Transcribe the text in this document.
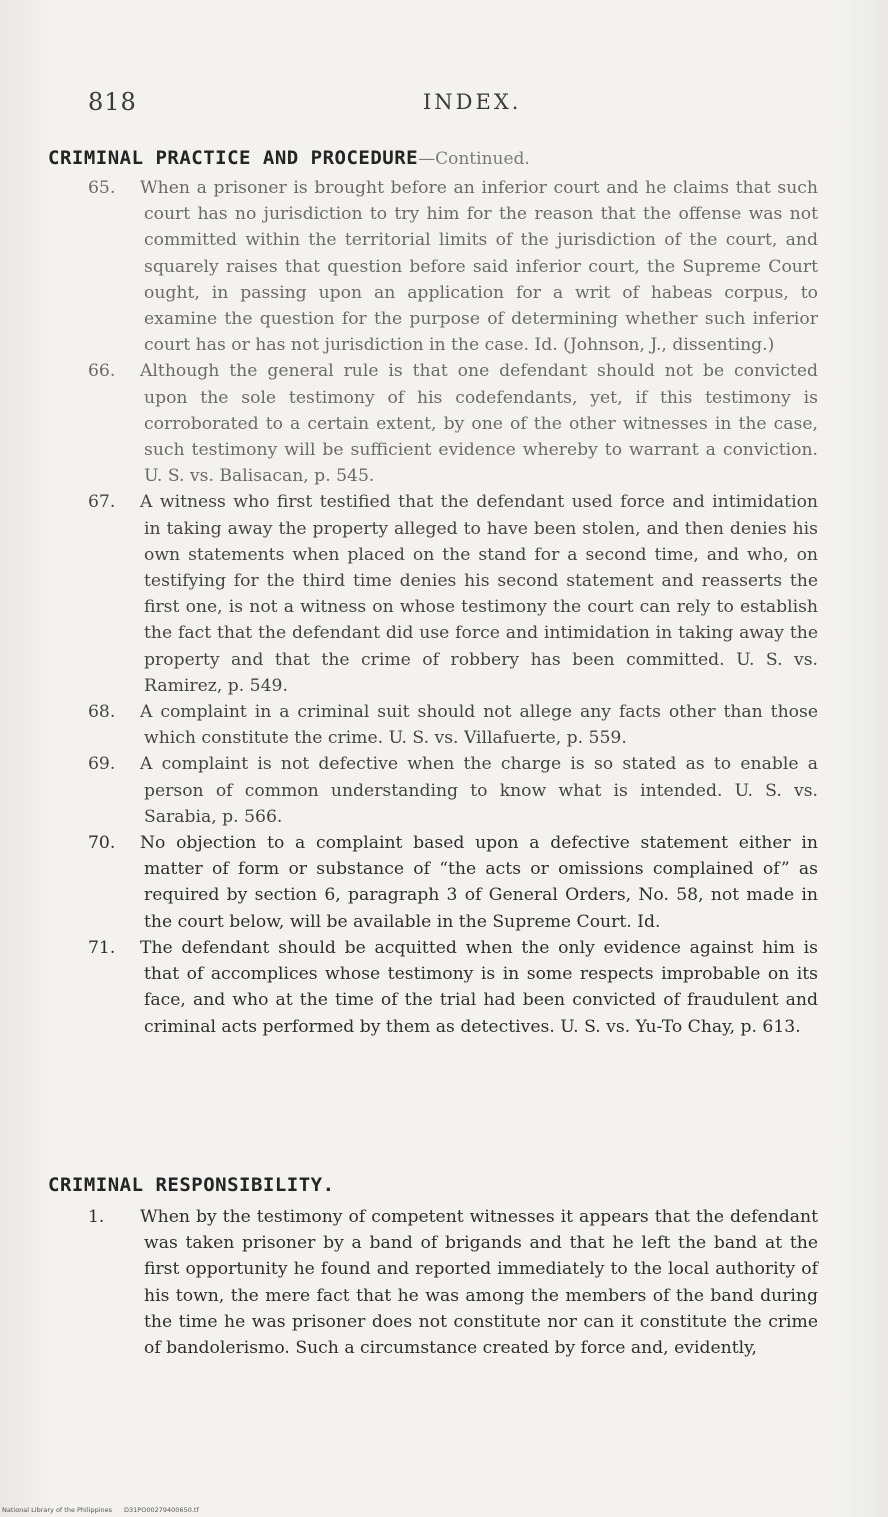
818	INDEX.
CRIMINAL PRACTICE AND PROCEDURE—Continued.

65. When a prisoner is brought before an inferior court and he claims that such court has no jurisdiction to try him for the reason that the offense was not committed within the territorial limits of the jurisdiction of the court, and squarely raises that question before said inferior court, the Supreme Court ought, in passing upon an application for a writ of habeas corpus, to examine the question for the purpose of determining whether such inferior court has or has not jurisdiction in the case. Id. (Johnson, J., dissenting.)

66. Although the general rule is that one defendant should not be convicted upon the sole testimony of his codefendants, yet, if this testimony is corroborated to a certain extent, by one of the other witnesses in the case, such testimony will be sufficient evidence whereby to warrant a conviction. U. S. vs. Balisacan, p. 545.

67. A witness who first testified that the defendant used force and intimidation in taking away the property alleged to have been stolen, and then denies his own statements when placed on the stand for a second time, and who, on testifying for the third time denies his second statement and reasserts the first one, is not a witness on whose testimony the court can rely to establish the fact that the defendant did use force and intimidation in taking away the property and that the crime of robbery has been committed. U. S. vs. Ramirez, p. 549.

68. A complaint in a criminal suit should not allege any facts other than those which constitute the crime. U. S. vs. Villafuerte, p. 559.

69. A complaint is not defective when the charge is so stated as to enable a person of common understanding to know what is intended. U. S. vs. Sarabia, p. 566.

70. No objection to a complaint based upon a defective statement either in matter of form or substance of “the acts or omissions complained of” as required by section 6, paragraph 3 of General Orders, No. 58, not made in the court below, will be available in the Supreme Court. Id.

71. The defendant should be acquitted when the only evidence against him is that of accomplices whose testimony is in some respects improbable on its face, and who at the time of the trial had been convicted of fraudulent and criminal acts performed by them as detectives. U. S. vs. Yu-To Chay, p. 613.

CRIMINAL RESPONSIBILITY.

1. When by the testimony of competent witnesses it appears that the defendant was taken prisoner by a band of brigands and that he left the band at the first opportunity he found and reported immediately to the local authority of his town, the mere fact that he was among the members of the band during the time he was prisoner does not constitute nor can it constitute the crime of bandolerismo. Such a circumstance created by force and, evidently,

National Library of the Philippines D31PO00279400650.tf
